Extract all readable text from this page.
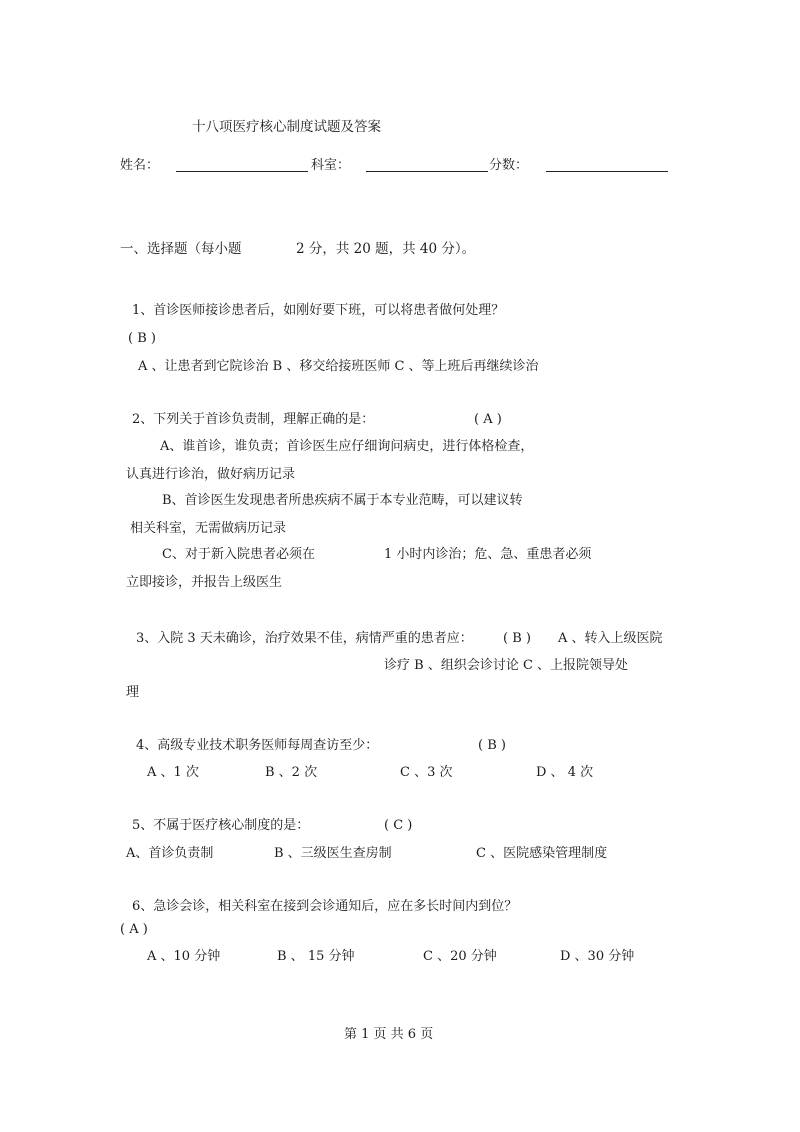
十八项医疗核心制度试题及答案
姓名：	科室：	分数：
一、选择题（每小题	2 分，共 20 题，共 40 分）。
1、首诊医师接诊患者后，如刚好要下班，可以将患者做何处理？
( B )
A 、让患者到它院诊治 B 、移交给接班医师 C 、等上班后再继续诊治
2、下列关于首诊负责制，理解正确的是：	( A )
A、谁首诊，谁负责；首诊医生应仔细询问病史，进行体格检查，
认真进行诊治，做好病历记录
B、首诊医生发现患者所患疾病不属于本专业范畴，可以建议转
相关科室，无需做病历记录
C、对于新入院患者必须在	1 小时内诊治；危、急、重患者必须
立即接诊，并报告上级医生
3、入院 3 天未确诊，治疗效果不佳，病情严重的患者应： ( B ) A 、转入上级医院
诊疗 B 、组织会诊讨论 C 、上报院领导处
理
4、高级专业技术职务医师每周查访至少：	( B )
A 、1 次	B 、2 次	C 、3 次	D 、 4 次
5、不属于医疗核心制度的是：	( C )
A、首诊负责制	B 、三级医生查房制	C 、医院感染管理制度
6、急诊会诊，相关科室在接到会诊通知后，应在多长时间内到位？
( A )
A 、10 分钟	B 、 15 分钟	C 、20 分钟	D 、30 分钟
第 1 页 共 6 页
